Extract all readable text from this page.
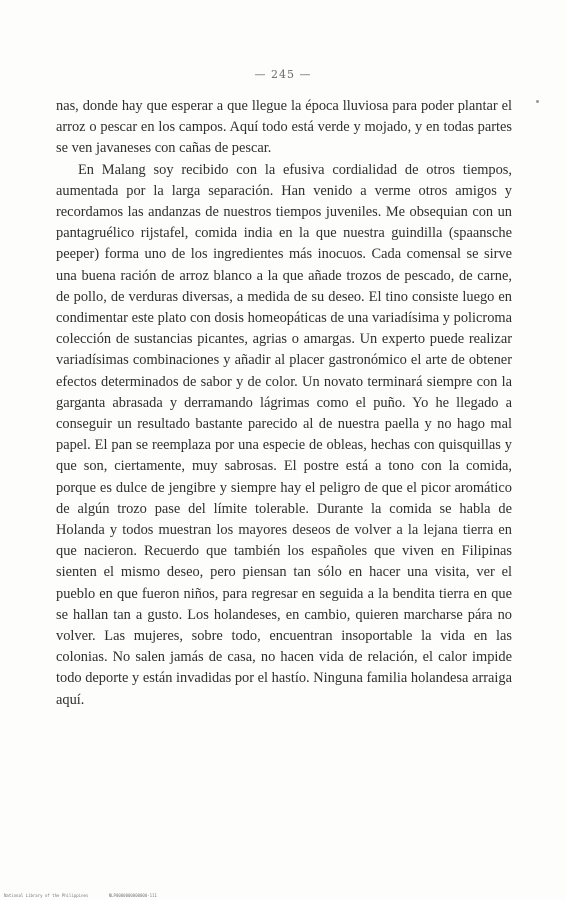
— 245 —

nas, donde hay que esperar a que llegue la época lluviosa para poder plantar el arroz o pescar en los campos. Aquí todo está verde y mojado, y en todas partes se ven javaneses con cañas de pescar.

En Malang soy recibido con la efusiva cordialidad de otros tiempos, aumentada por la larga separación. Han venido a verme otros amigos y recordamos las andanzas de nuestros tiempos juveniles. Me obsequian con un pantagruélico rijstafel, comida india en la que nuestra guindilla (spaansche peeper) forma uno de los ingredientes más inocuos. Cada comensal se sirve una buena ración de arroz blanco a la que añade trozos de pescado, de carne, de pollo, de verduras diversas, a medida de su deseo. El tino consiste luego en condimentar este plato con dosis homeopáticas de una variadísima y policroma colección de sustancias picantes, agrias o amargas. Un experto puede realizar variadísimas combinaciones y añadir al placer gastronómico el arte de obtener efectos determinados de sabor y de color. Un novato terminará siempre con la garganta abrasada y derramando lágrimas como el puño. Yo he llegado a conseguir un resultado bastante parecido al de nuestra paella y no hago mal papel. El pan se reemplaza por una especie de obleas, hechas con quisquillas y que son, ciertamente, muy sabrosas. El postre está a tono con la comida, porque es dulce de jengibre y siempre hay el peligro de que el picor aromático de algún trozo pase del límite tolerable. Durante la comida se habla de Holanda y todos muestran los mayores deseos de volver a la lejana tierra en que nacieron. Recuerdo que también los españoles que viven en Filipinas sienten el mismo deseo, pero piensan tan sólo en hacer una visita, ver el pueblo en que fueron niños, para regresar en seguida a la bendita tierra en que se hallan tan a gusto. Los holandeses, en cambio, quieren marcharse pára no volver. Las mujeres, sobre todo, encuentran insoportable la vida en las colonias. No salen jamás de casa, no hacen vida de relación, el calor impide todo deporte y están invadidas por el hastío. Ninguna familia holandesa arraiga aquí.

National Library of the Philippines	NLP0000000000000-111
